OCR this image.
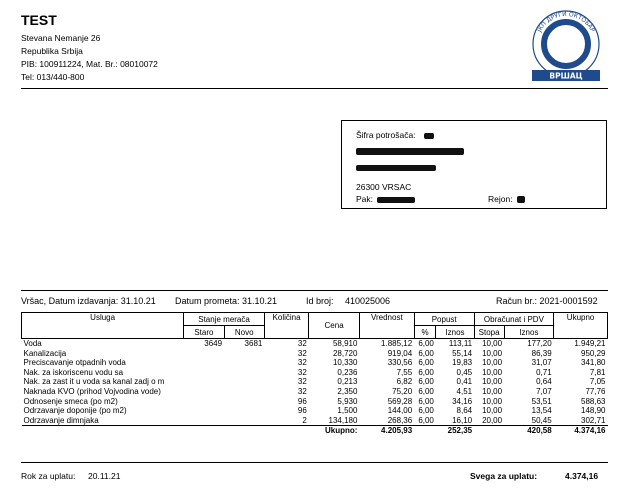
TEST
Stevana Nemanje 26
Republika Srbija
PIB: 100911224, Mat. Br.: 08010072
Tel: 013/440-800
ЈКП ДРУГИ ОКТОБАР
ВРШАЦ
Šifra potrošača:
26300 VRSAC
Pak:	Rejon:
Vršac, Datum izdavanja: 31.10.21 Datum prometa: 31.10.21	Id broj: 410025006	Račun br.: 2021-0001592
Usluga	Stanje merača		Količina	Cena	Vrednost	Popust		Obračunat i PDV		Ukupno
	Staro	Novo				%	Iznos	Stopa	Iznos	
Voda	3649	3681	32	58,910	1.885,12	6,00	113,11	10,00	177,20	1.949,21
Kanalizacija			32	28,720	919,04	6,00	55,14	10,00	86,39	950,29
Preciscavanje otpadnih voda			32	10,330	330,56	6,00	19,83	10,00	31,07	341,80
Nak. za iskoriscenu vodu sa			32	0,236	7,55	6,00	0,45	10,00	0,71	7,81
Nak. za zast it u voda sa kanal zadj o m			32	0,213	6,82	6,00	0,41	10,00	0,64	7,05
Naknada KVO (prihod Vojvodina vode)			32	2,350	75,20	6,00	4,51	10,00	7,07	77,76
Odnosenje smeca (po m2)			96	5,930	569,28	6,00	34,16	10,00	53,51	588,63
Odrzavanje doponije (po m2)			96	1,500	144,00	6,00	8,64	10,00	13,54	148,90
Odrzavanje dimnjaka			2	134,180	268,36	6,00	16,10	20,00	50,45	302,71
			Ukupno:		4.205,93		252,35		420,58	4.374,16
Rok za uplatu: 20.11.21	Svega za uplatu:	4.374,16
